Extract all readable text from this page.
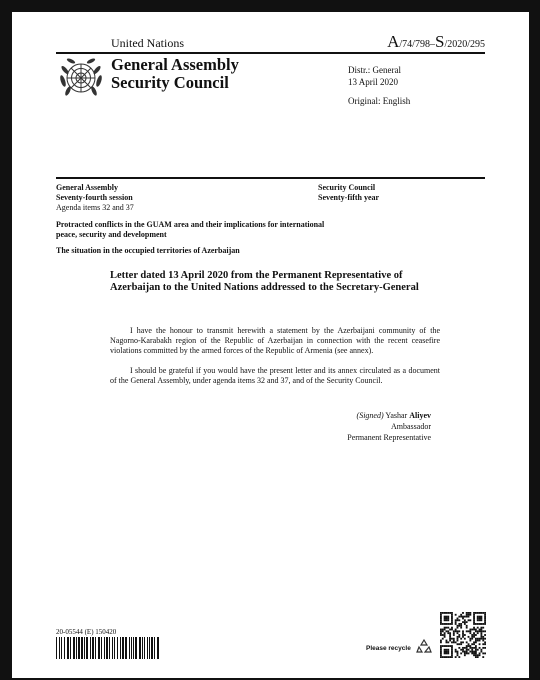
United Nations	A/74/798–S/2020/295
General Assembly
Security Council
Distr.: General
13 April 2020
Original: English
General Assembly
Seventy-fourth session
Agenda items 32 and 37
Security Council
Seventy-fifth year
Protracted conflicts in the GUAM area and their implications for international peace, security and development
The situation in the occupied territories of Azerbaijan
Letter dated 13 April 2020 from the Permanent Representative of Azerbaijan to the United Nations addressed to the Secretary-General
I have the honour to transmit herewith a statement by the Azerbaijani community of the Nagorno-Karabakh region of the Republic of Azerbaijan in connection with the recent ceasefire violations committed by the armed forces of the Republic of Armenia (see annex).
I should be grateful if you would have the present letter and its annex circulated as a document of the General Assembly, under agenda items 32 and 37, and of the Security Council.
(Signed) Yashar Aliyev
Ambassador
Permanent Representative
20-05544 (E) 150420
Please recycle
